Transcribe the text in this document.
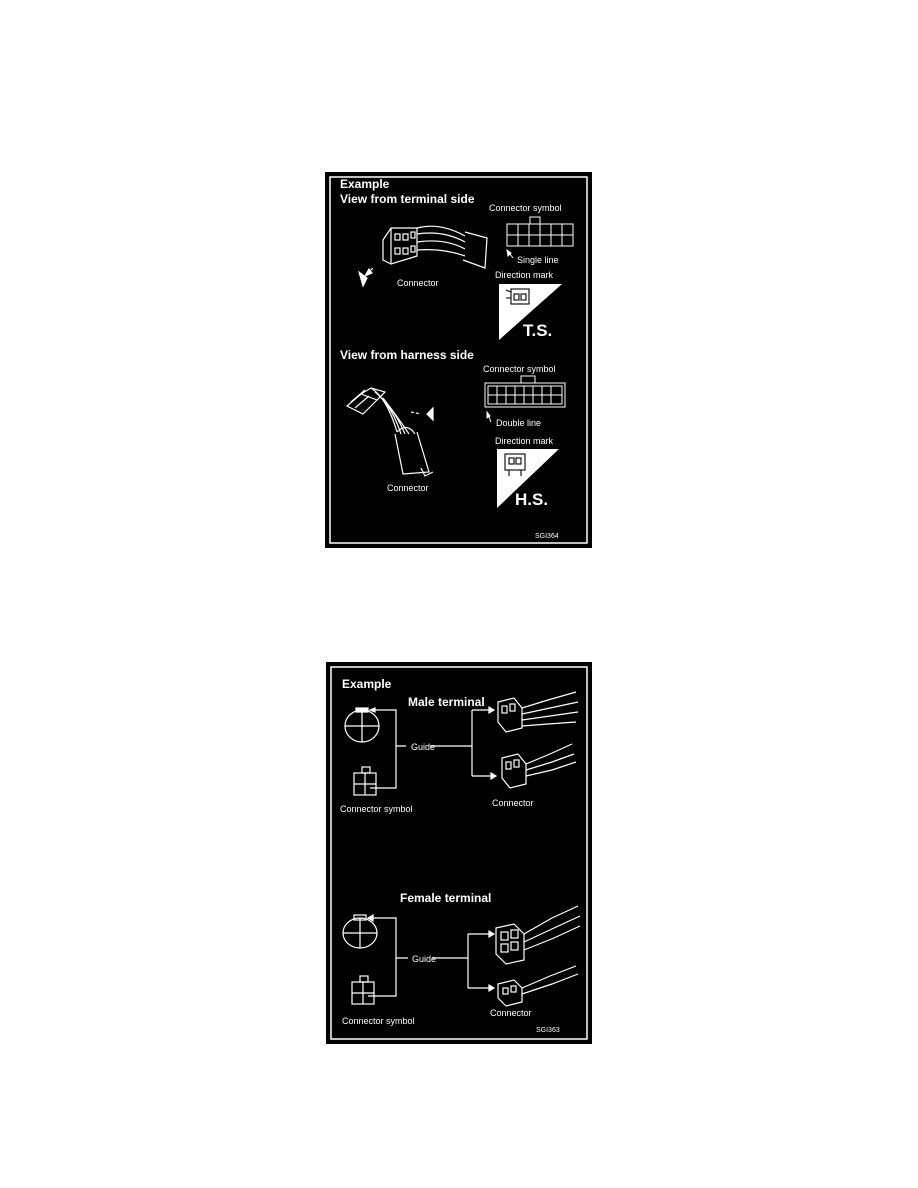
Example
View from terminal side
Connector
Connector symbol
Single line
Direction mark
T.S.
View from harness side
Connector
Connector symbol
Double line
Direction mark
H.S.
SGI364
Example
Male terminal
Guide
Connector symbol
Connector
Female terminal
Guide
Connector symbol
Connector
SGI363
